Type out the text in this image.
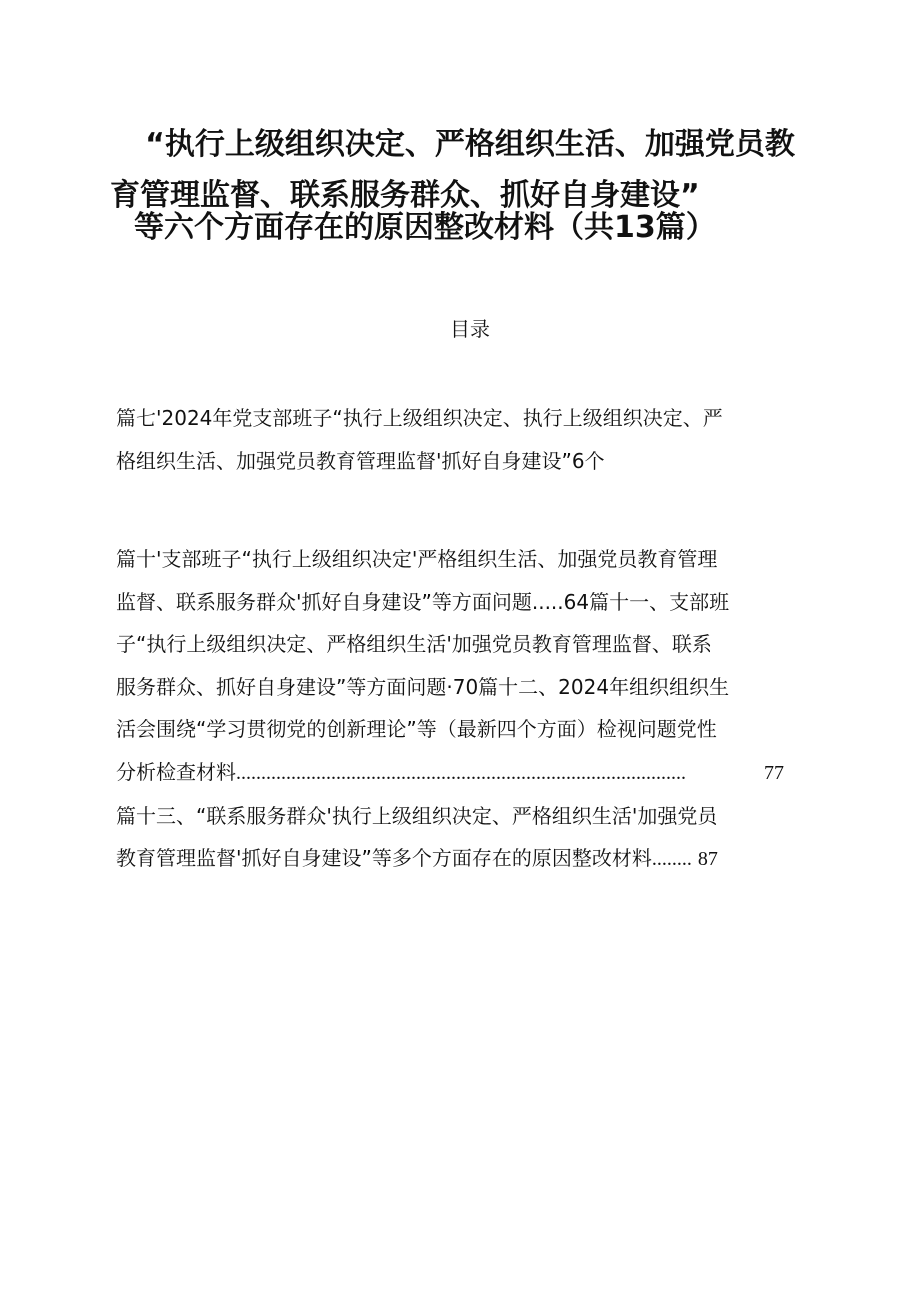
“执行上级组织决定、严格组织生活、加强党员教
育管理监督、联系服务群众、抓好自身建设”
等六个方面存在的原因整改材料（共13篇）
目录
篇七'2024年党支部班子“执行上级组织决定、执行上级组织决定、严
格组织生活、加强党员教育管理监督'抓好自身建设”6个
篇十'支部班子“执行上级组织决定'严格组织生活、加强党员教育管理
监督、联系服务群众'抓好自身建设”等方面问题.....64篇十一、支部班
子“执行上级组织决定、严格组织生活'加强党员教育管理监督、联系
服务群众、抓好自身建设”等方面问题·70篇十二、2024年组织组织生
活会围绕“学习贯彻党的创新理论”等（最新四个方面）检视问题党性
分析检查材料..........................................................................................	77
篇十三、“联系服务群众'执行上级组织决定、严格组织生活'加强党员
教育管理监督'抓好自身建设”等多个方面存在的原因整改材料........ 87
